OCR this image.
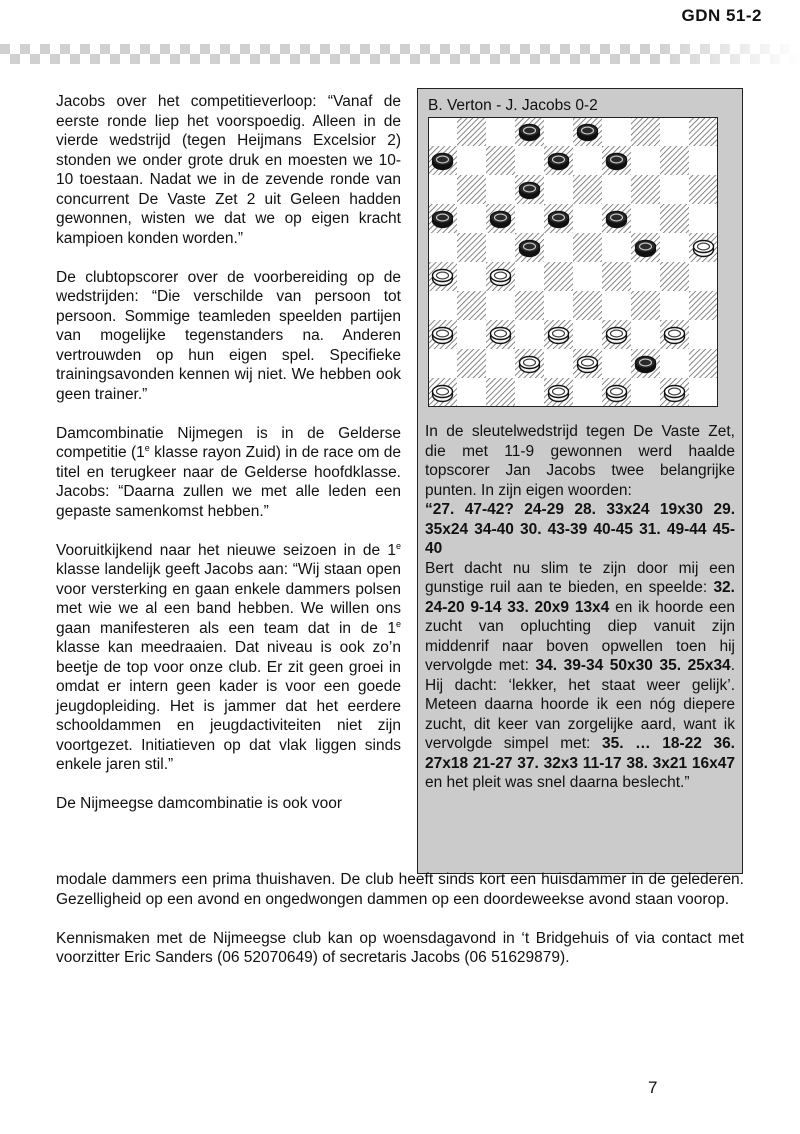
GDN 51-2

Jacobs over het competitieverloop: “Vanaf de eerste ronde liep het voorspoedig. Alleen in de vierde wedstrijd (tegen Heijmans Excelsior 2) stonden we onder grote druk en moesten we 10-10 toestaan. Nadat we in de zevende ronde van concurrent De Vaste Zet 2 uit Geleen hadden gewonnen, wisten we dat we op eigen kracht kampioen konden worden.”

De clubtopscorer over de voorbereiding op de wedstrijden: “Die verschilde van persoon tot persoon. Sommige teamleden speelden partijen van mogelijke tegenstanders na. Anderen vertrouwden op hun eigen spel. Specifieke trainingsavonden kennen wij niet. We hebben ook geen trainer.”

Damcombinatie Nijmegen is in de Gelderse competitie (1e klasse rayon Zuid) in de race om de titel en terugkeer naar de Gelderse hoofdklasse. Jacobs: “Daarna zullen we met alle leden een gepaste samenkomst hebben.”

Vooruitkijkend naar het nieuwe seizoen in de 1e klasse landelijk geeft Jacobs aan: “Wij staan open voor versterking en gaan enkele dammers polsen met wie we al een band hebben. We willen ons gaan manifesteren als een team dat in de 1e klasse kan meedraaien. Dat niveau is ook zo’n beetje de top voor onze club. Er zit geen groei in omdat er intern geen kader is voor een goede jeugdopleiding. Het is jammer dat het eerdere schooldammen en jeugdactiviteiten niet zijn voortgezet. Initiatieven op dat vlak liggen sinds enkele jaren stil.”

De Nijmeegse damcombinatie is ook voor

B. Verton - J. Jacobs 0-2
In de sleutelwedstrijd tegen De Vaste Zet, die met 11-9 gewonnen werd haalde topscorer Jan Jacobs twee belangrijke punten. In zijn eigen woorden:
“27. 47-42? 24-29 28. 33x24 19x30 29. 35x24 34-40 30. 43-39 40-45 31. 49-44 45-40
Bert dacht nu slim te zijn door mij een gunstige ruil aan te bieden, en speelde: 32. 24-20 9-14 33. 20x9 13x4 en ik hoorde een zucht van opluchting diep vanuit zijn middenrif naar boven opwellen toen hij vervolgde met: 34. 39-34 50x30 35. 25x34. Hij dacht: ‘lekker, het staat weer gelijk’. Meteen daarna hoorde ik een nóg diepere zucht, dit keer van zorgelijke aard, want ik vervolgde simpel met: 35. … 18-22 36. 27x18 21-27 37. 32x3 11-17 38. 3x21 16x47 en het pleit was snel daarna beslecht.”

modale dammers een prima thuishaven. De club heeft sinds kort een huisdammer in de gelederen. Gezelligheid op een avond en ongedwongen dammen op een doordeweekse avond staan voorop.

Kennismaken met de Nijmeegse club kan op woensdagavond in ‘t Bridgehuis of via contact met voorzitter Eric Sanders (06 52070649) of secretaris Jacobs (06 51629879).

7
